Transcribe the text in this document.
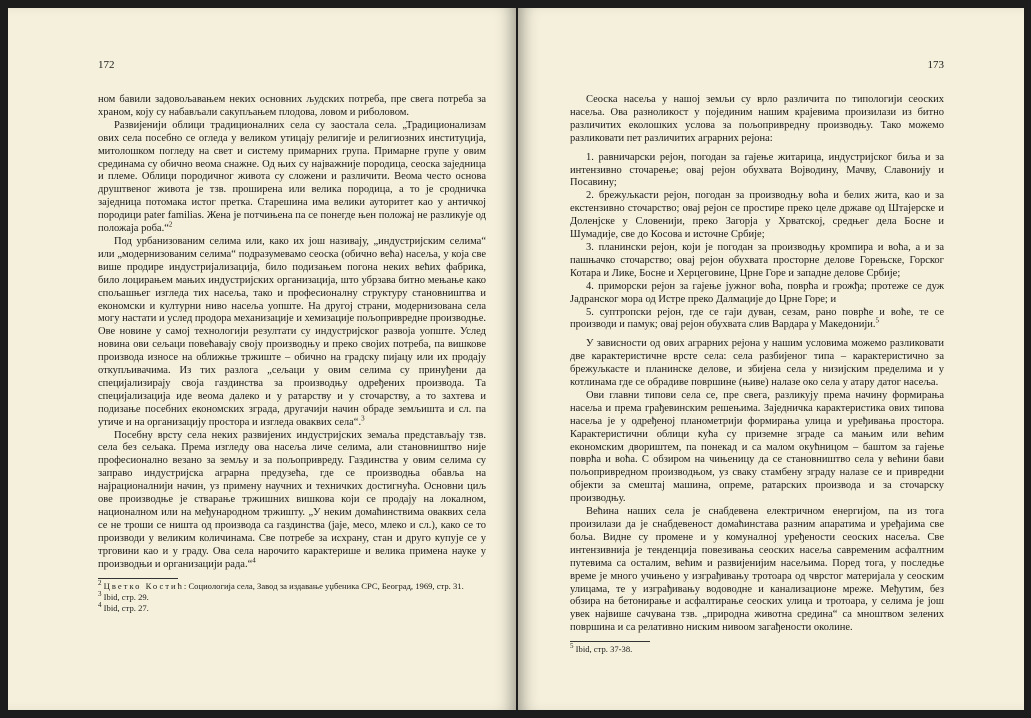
172

ном бавили задовољавањем неких основних људских потреба, пре свега потреба за храном, коју су набављали сакупљањем плодова, ловом и риболовом.

Развијенији облици традиционалних села су заостала села. „Традиционализам ових села посебно се огледа у великом утицају религије и религиозних институција, митолошком погледу на свет и систему примарних група. Примарне групе у овим срединама су обично веома снажне. Од њих су најважније породица, сеоска заједница и племе. Облици породичног живота су сложени и различити. Веома често основа друштвеног живота је тзв. проширена или велика породица, а то је сродничка заједница потомака истог претка. Старешина има велики ауторитет као у античкој породици pater familias. Жена је потчињена па се понегде њен положај не разликује од положаја роба.“$^2$

Под урбанизованим селима или, како их још називају, „индустријским селима“ или „модернизованим селима“ подразумевамо сеоска (обично већа) насеља, у која све више продире индустријализација, било подизањем погона неких већих фабрика, било лоцирањем мањих индустријских организација, што убрзава битно мењање како спољашњег изгледа тих насеља, тако и професионалну структуру становништва и економски и културни ниво насеља уопште. На другој страни, модернизована села могу настати и услед продора механизације и хемизације пољопривредне производње. Ове новине у самој технологији резултати су индустријског развоја уопште. Услед новина ови сељаци повећавају своју производњу и преко својих потреба, па вишкове производа износе на оближње тржиште – обично на градску пијацу или их продају откупљивачима. Из тих разлога „сељаци у овим селима су принуђени да специјализирају своја газдинства за производњу одређених производа. Та специјализација иде веома далеко и у ратарству и у сточарству, а то захтева и подизање посебних економских зграда, другачији начин обраде земљишта и сл. па утиче и на организацију простора и изгледа оваквих села“.$^3$

Посебну врсту села неких развијених индустријских земаља представљају тзв. села без сељака. Према изгледу ова насеља личе селима, али становништво није професионално везано за земљу и за пољопривреду. Газдинства у овим селима су заправо индустријска аграрна предузећа, где се производња обавља на најрационалнији начин, уз примену научних и техничких достигнућа. Основни циљ ове производње је стварање тржишних вишкова који се продају на локалном, националном или на међународном тржишту. „У неким домаћинствима оваквих села се не троши се ништа од производа са газдинства (јаје, месо, млеко и сл.), како се то производи у великим количинама. Све потребе за исхрану, стан и друго купује се у трговини као и у граду. Ова села нарочито карактерише и велика примена науке у производњи и организацији рада.“$^4$

$^2$ Цветко Костић: Социологија села, Завод за издавање уџбеника СРС, Београд, 1969, стр. 31.
$^3$ Ibid, стр. 29.
$^4$ Ibid, стр. 27.
173

Сеоска насеља у нашој земљи су врло различита по типологији сеоских насеља. Ова разноликост у појединим нашим крајевима произилази из битно различитих еколошких услова за пољопривредну производњу. Тако можемо разликовати пет различитих аграрних рејона:

1. равничарски рејон, погодан за гајење житарица, индустријског биља и за интензивно сточарење; овај рејон обухвата Војводину, Мачву, Славонију и Посавину;

2. брежуљкасти рејон, погодан за производњу воћа и белих жита, као и за екстензивно сточарство; овај рејон се простире преко целе државе од Штајерске и Доленјске у Словенији, преко Загорја у Хрватској, средњег дела Босне и Шумадије, све до Косова и источне Србије;

3. планински рејон, који је погодан за производњу кромпира и воћа, а и за пашњачко сточарство; овај рејон обухвата просторне делове Горењске, Горског Котара и Лике, Босне и Херцеговине, Црне Горе и западне делове Србије;

4. приморски рејон за гајење јужног воћа, поврћа и грожђа; протеже се дуж Јадранског мора од Истре преко Далмације до Црне Горе; и

5. суптропски рејон, где се гаји дуван, сезам, рано поврће и воће, те се производи и памук; овај рејон обухвата слив Вардара у Македонији.$^5$

У зависности од ових аграрних рејона у нашим условима можемо разликовати две карактеристичне врсте села: села разбијеног типа – карактеристично за брежуљкасте и планинске делове, и збијена села у низијским пределима и у котлинама где се обрадиве површине (њиве) налазе око села у атару датог насеља.

Ови главни типови села се, пре свега, разликују према начину формирања насеља и према грађевинским решењима. Заједничка карактеристика ових типова насеља је у одређеној планометрији формирања улица и уређивања простора. Карактеристични облици кућа су приземне зграде са мањим или већим економским двориштем, па понекад и са малом окућницом – баштом за гајење поврћа и воћа. С обзиром на чињеницу да се становништво села у већини бави пољопривредном производњом, уз свакy стамбену зграду налазе се и привредни објекти за смештај машина, опреме, ратарских производа и за сточарску производњу.

Већина наших села је снабдевена електричном енергијом, па из тога произилази да је снабдевеност домаћинстава разним апаратима и уређајима све боља. Видне су промене и у комуналној уређености сеоских насеља. Све интензивнија је тенденција повезивања сеоских насеља савременим асфалтним путевима са осталим, већим и развијенијим насељима. Поред тога, у последње време је много учињено у изграђивању тротоара од чврстог материјала у сеоским улицама, те у изграђивању водоводне и канализационе мреже. Међутим, без обзира на бетонирање и асфалтирање сеоских улица и тротоара, у селима је још увек највише сачувана тзв. „природна животна средина“ са мноштвом зелених површина и са релативно ниским нивоом загађености околине.

$^5$ Ibid, стр. 37-38.
